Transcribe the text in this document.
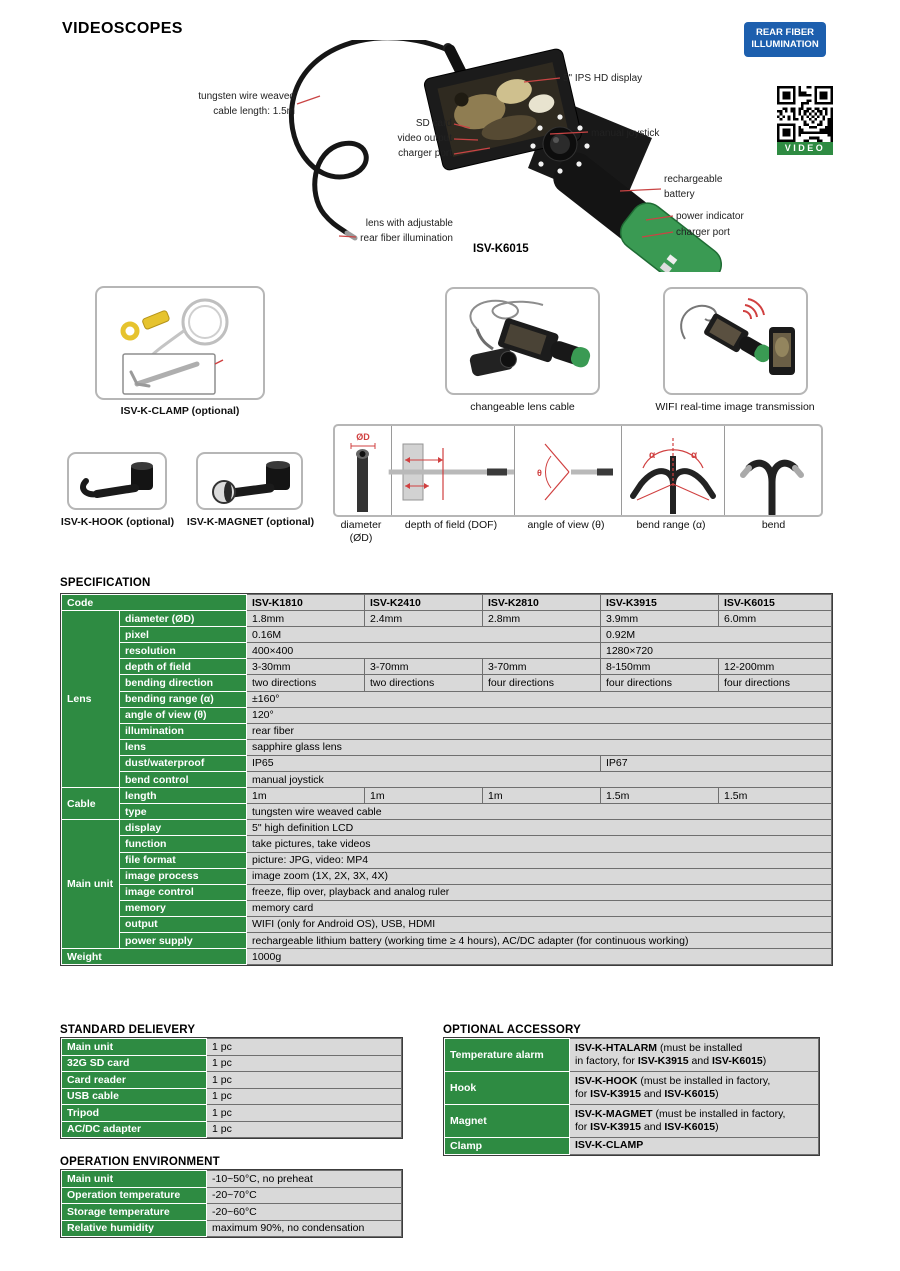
VIDEOSCOPES	REAR FIBER
ILLUMINATION
VIDEO
5" IPS HD display
tungsten wire weaved
cable length: 1.5m
SD card
video output
charger port
manual joystick
rechargeable
battery
power indicator
charger port
lens with adjustable
rear fiber illumination
ISV-K6015
ISV-K-CLAMP (optional)	changeable lens cable	WIFI real-time image transmission
ISV-K-HOOK (optional)	ISV-K-MAGNET (optional)
ØD
θ
α	α
diameter
(ØD)
depth of field (DOF)	angle of view (θ)	bend range (α)	bend
SPECIFICATION
Code		ISV-K1810	ISV-K2410	ISV-K2810	ISV-K3915	ISV-K6015
Lens	diameter (ØD)	1.8mm	2.4mm	2.8mm	3.9mm	6.0mm
	pixel	0.16M			0.92M	
	resolution	400×400			1280×720	
	depth of field	3-30mm	3-70mm	3-70mm	8-150mm	12-200mm
	bending direction	two directions	two directions	four directions	four directions	four directions
	bending range (α)	±160°				
	angle of view (θ)	120°				
	illumination	rear fiber				
	lens	sapphire glass lens				
	dust/waterproof	IP65			IP67	
	bend control	manual joystick				
Cable	length	1m	1m	1m	1.5m	1.5m
	type	tungsten wire weaved cable				
Main unit	display	5" high definition LCD				
	function	take pictures, take videos				
	file format	picture: JPG, video: MP4				
	image process	image zoom (1X, 2X, 3X, 4X)				
	image control	freeze, flip over, playback and analog ruler				
	memory	memory card				
	output	WIFI (only for Android OS), USB, HDMI				
	power supply	rechargeable lithium battery (working time ≥ 4 hours), AC/DC adapter (for continuous working)				
Weight		1000g				
STANDARD DELIEVERY
Main unit	1 pc
32G SD card	1 pc
Card reader	1 pc
USB cable	1 pc
Tripod	1 pc
AC/DC adapter	1 pc
OPERATION ENVIRONMENT
Main unit	-10~50°C, no preheat
Operation temperature	-20~70°C
Storage temperature	-20~60°C
Relative humidity	maximum 90%, no condensation
OPTIONAL ACCESSORY
Temperature alarm	ISV-K-HTALARM (must be installed
in factory, for ISV-K3915 and ISV-K6015)

Hook	ISV-K-HOOK (must be installed in factory,
for ISV-K3915 and ISV-K6015)

Magnet	ISV-K-MAGMET (must be installed in factory,
for ISV-K3915 and ISV-K6015)

Clamp	ISV-K-CLAMP
